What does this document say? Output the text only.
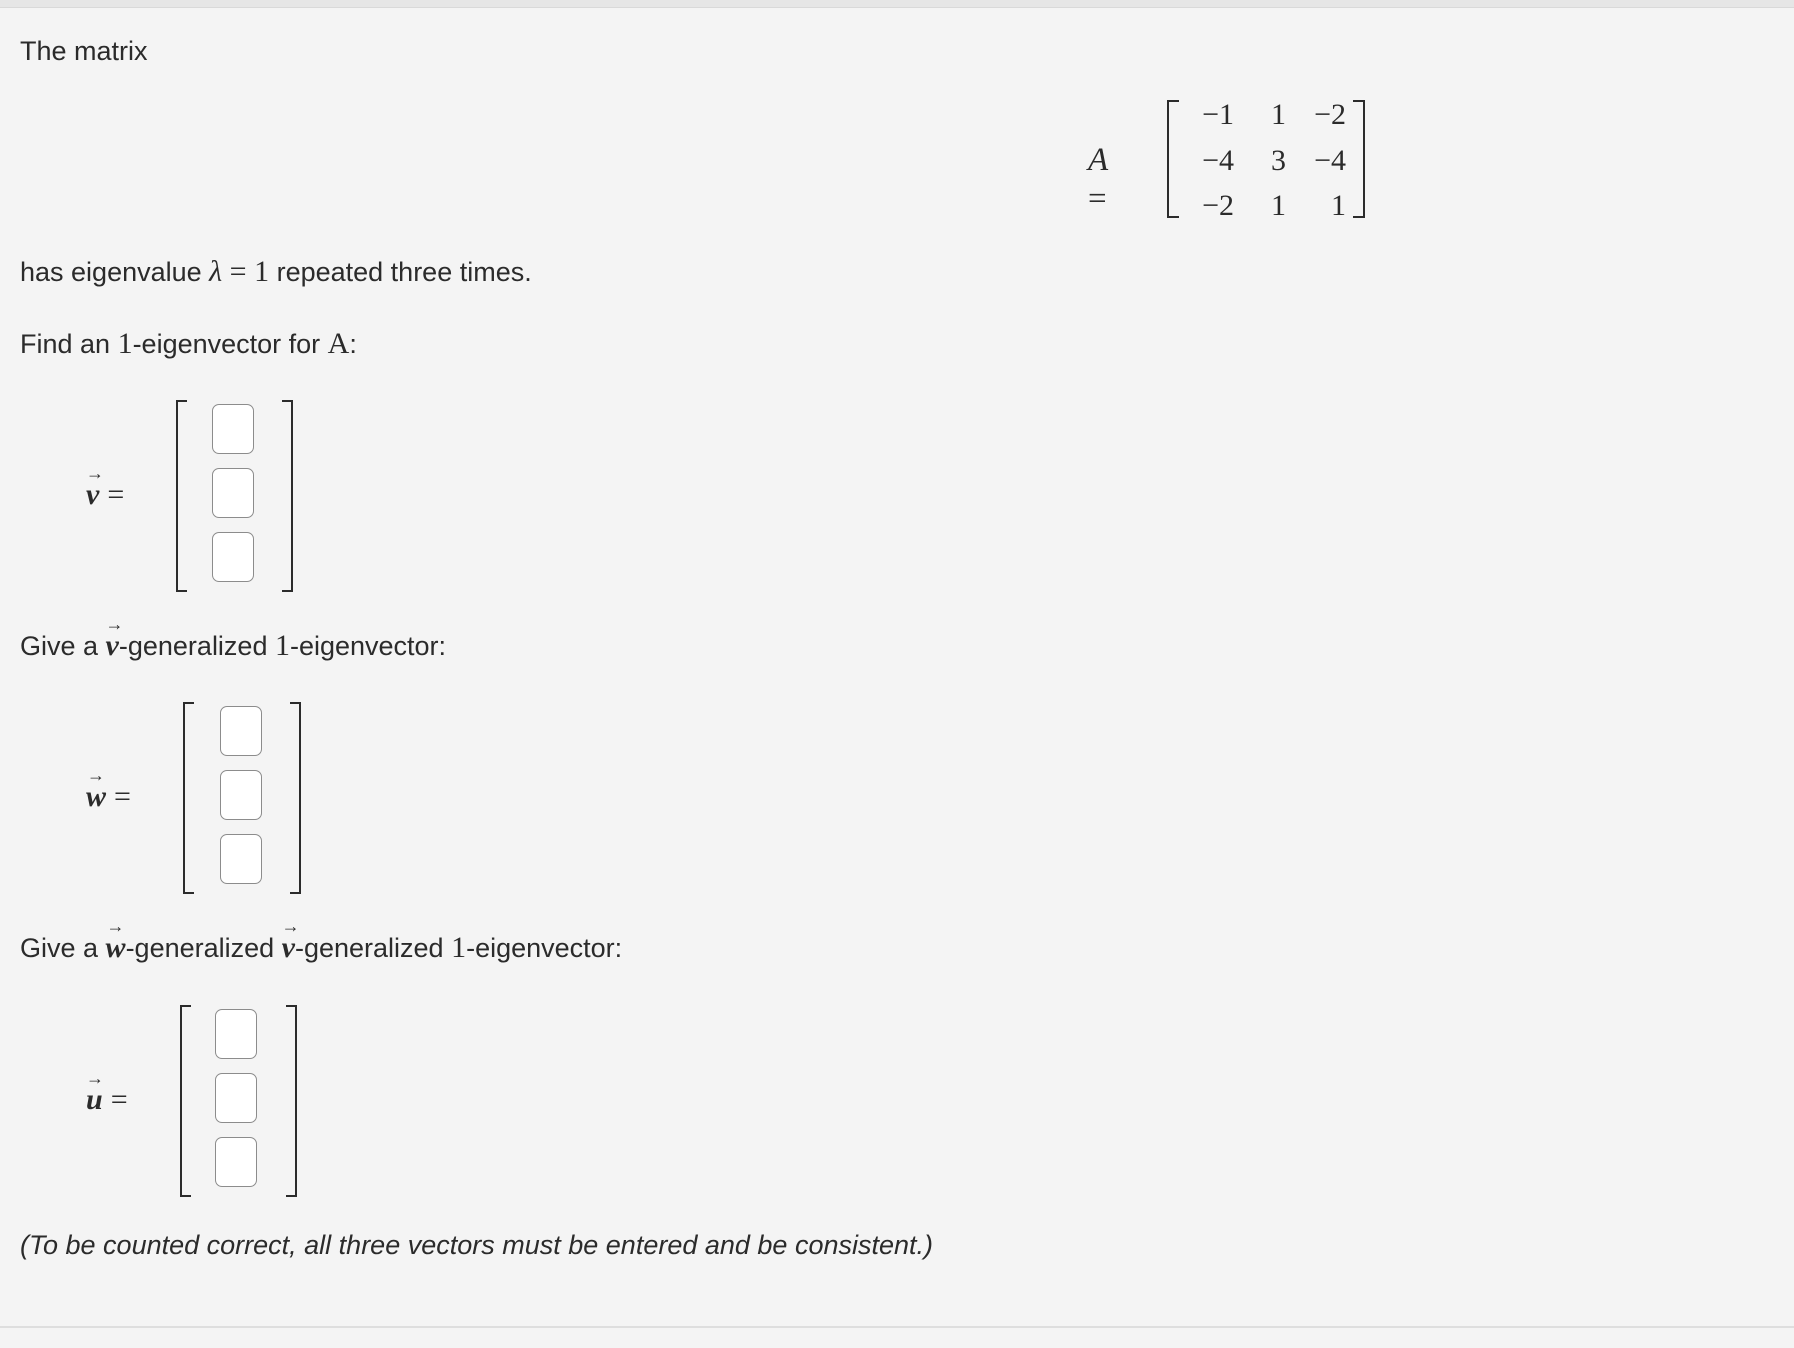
The matrix
A =
−1	1 −2
−4	3 −4
−2	1	1
has eigenvalue λ = 1 repeated three times.
Find an 1-eigenvector for A:
→
v =
Give a
→
v-generalized 1-eigenvector:
→
w =
Give a
→
w-generalized
→
v-generalized 1-eigenvector:
→
u =
(To be counted correct, all three vectors must be entered and be consistent.)
